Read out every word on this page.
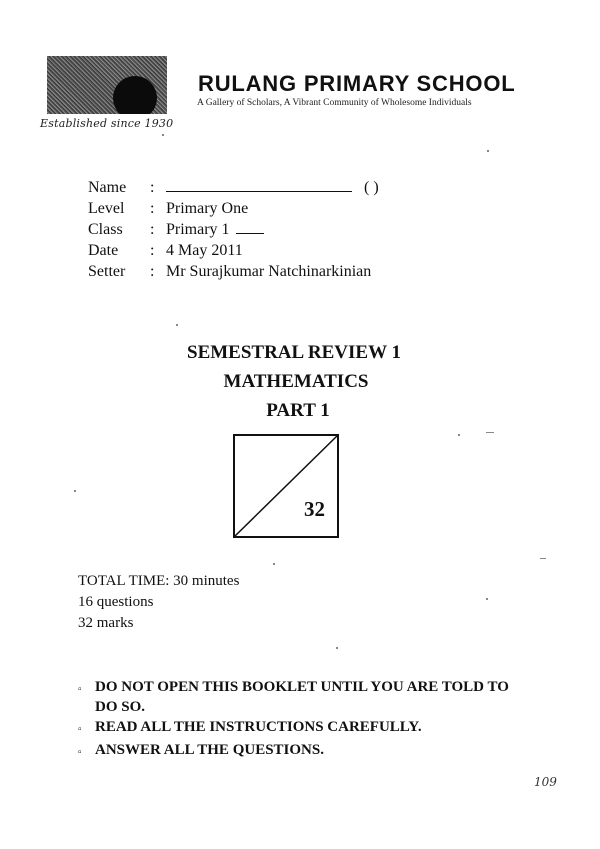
Established since 1930
RULANG PRIMARY SCHOOL
A Gallery of Scholars, A Vibrant Community of Wholesome Individuals
Name	:	( )
Level	: Primary One
Class	: Primary 1
Date	: 4 May 2011
Setter	: Mr Surajkumar Natchinarkinian
SEMESTRAL REVIEW 1
MATHEMATICS
PART 1
32
TOTAL TIME: 30 minutes
16 questions
32 marks
▫ DO NOT OPEN THIS BOOKLET UNTIL YOU ARE TOLD TO DO SO.
▫ READ ALL THE INSTRUCTIONS CAREFULLY.
▫ ANSWER ALL THE QUESTIONS.
109
